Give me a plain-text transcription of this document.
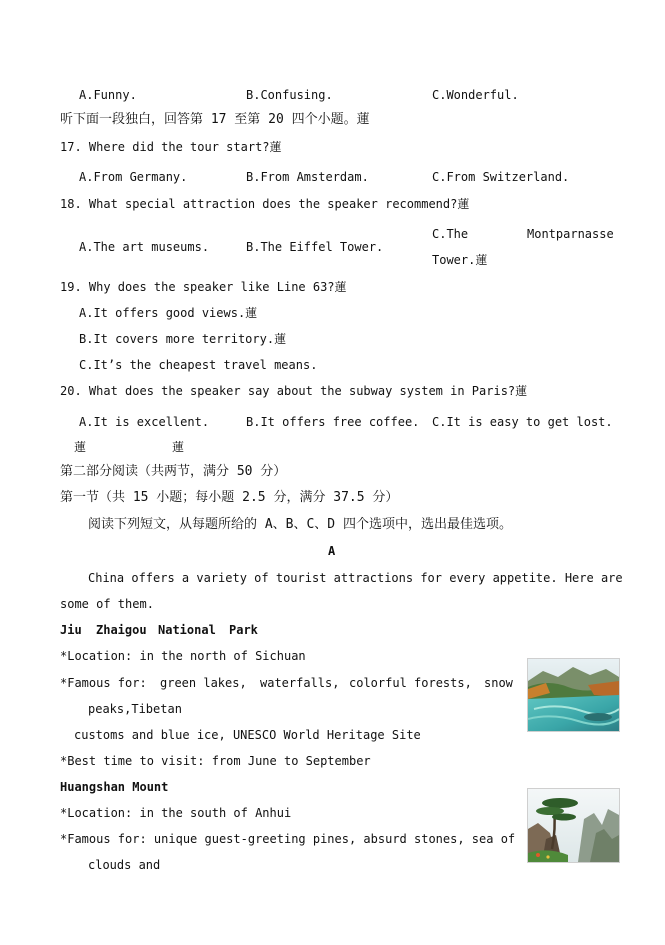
A.Funny.	B.Confusing.	C.Wonderful.
听下面一段独白，回答第 17 至第 20 四个小题。蓮
17. Where did the tour start?蓮
A.From Germany.	B.From Amsterdam.	C.From Switzerland.
18. What special attraction does the speaker recommend?蓮
A.The art museums.	B.The Eiffel Tower.
C.The	Montparnasse
Tower.蓮
19. Why does the speaker like Line 63?蓮
A.It offers good views.蓮
B.It covers more territory.蓮
C.It’s the cheapest travel means.
20. What does the speaker say about the subway system in Paris?蓮
A.It is excellent.	B.It offers free coffee. C.It is easy to get lost.
蓮	蓮
第二部分阅读（共两节，满分 50 分）
第一节（共 15 小题；每小题 2.5 分，满分 37.5 分）
阅读下列短文，从每题所给的 A、B、C、D 四个选项中，选出最佳选项。
A
China offers a variety of tourist attractions for every appetite. Here are
some of them.
Jiu Zhaigou National Park
*Location: in the north of Sichuan
*Famous for: green lakes, waterfalls, colorful forests, snow
peaks,Tibetan
customs and blue ice, UNESCO World Heritage Site
*Best time to visit: from June to September
Huangshan Mount
*Location: in the south of Anhui
*Famous for: unique guest-greeting pines, absurd stones, sea of
clouds and
